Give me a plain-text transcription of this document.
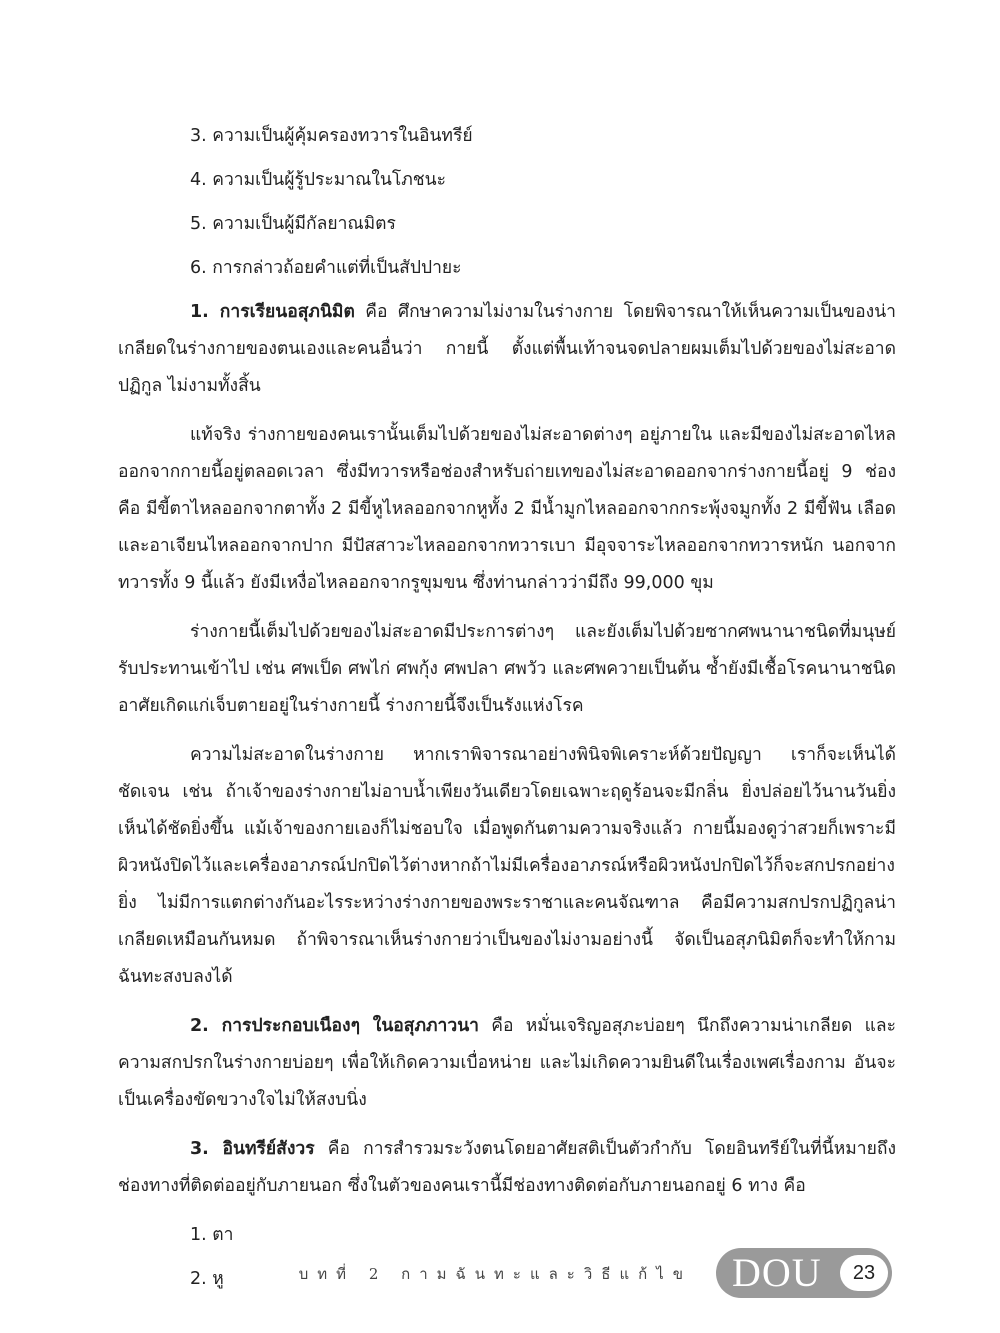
3. ความเป็นผู้คุ้มครองทวารในอินทรีย์
4. ความเป็นผู้รู้ประมาณในโภชนะ
5. ความเป็นผู้มีกัลยาณมิตร
6. การกล่าวถ้อยคำแต่ที่เป็นสัปปายะ

1. การเรียนอสุภนิมิต คือ ศึกษาความไม่งามในร่างกาย โดยพิจารณาให้เห็นความเป็นของน่าเกลียดในร่างกายของตนเองและคนอื่นว่า กายนี้ ตั้งแต่พื้นเท้าจนจดปลายผมเต็มไปด้วยของไม่สะอาด ปฏิกูล ไม่งามทั้งสิ้น

แท้จริง ร่างกายของคนเรานั้นเต็มไปด้วยของไม่สะอาดต่างๆ อยู่ภายใน และมีของไม่สะอาดไหลออกจากกายนี้อยู่ตลอดเวลา ซึ่งมีทวารหรือช่องสำหรับถ่ายเทของไม่สะอาดออกจากร่างกายนี้อยู่ 9 ช่อง คือ มีขี้ตาไหลออกจากตาทั้ง 2 มีขี้หูไหลออกจากหูทั้ง 2 มีน้ำมูกไหลออกจากกระพุ้งจมูกทั้ง 2 มีขี้ฟัน เลือด และอาเจียนไหลออกจากปาก มีปัสสาวะไหลออกจากทวารเบา มีอุจจาระไหลออกจากทวารหนัก นอกจาก ทวารทั้ง 9 นี้แล้ว ยังมีเหงื่อไหลออกจากรูขุมขน ซึ่งท่านกล่าวว่ามีถึง 99,000 ขุม

ร่างกายนี้เต็มไปด้วยของไม่สะอาดมีประการต่างๆ และยังเต็มไปด้วยซากศพนานาชนิดที่มนุษย์รับประทานเข้าไป เช่น ศพเป็ด ศพไก่ ศพกุ้ง ศพปลา ศพวัว และศพควายเป็นต้น ซ้ำยังมีเชื้อโรคนานาชนิดอาศัยเกิดแก่เจ็บตายอยู่ในร่างกายนี้ ร่างกายนี้จึงเป็นรังแห่งโรค

ความไม่สะอาดในร่างกาย หากเราพิจารณาอย่างพินิจพิเคราะห์ด้วยปัญญา เราก็จะเห็นได้ชัดเจน เช่น ถ้าเจ้าของร่างกายไม่อาบน้ำเพียงวันเดียวโดยเฉพาะฤดูร้อนจะมีกลิ่น ยิ่งปล่อยไว้นานวันยิ่งเห็นได้ชัดยิ่งขึ้น แม้เจ้าของกายเองก็ไม่ชอบใจ เมื่อพูดกันตามความจริงแล้ว กายนี้มองดูว่าสวยก็เพราะมีผิวหนังปิดไว้และเครื่องอาภรณ์ปกปิดไว้ต่างหากถ้าไม่มีเครื่องอาภรณ์หรือผิวหนังปกปิดไว้ก็จะสกปรกอย่างยิ่ง ไม่มีการแตกต่างกันอะไรระหว่างร่างกายของพระราชาและคนจัณฑาล คือมีความสกปรกปฏิกูลน่าเกลียดเหมือนกันหมด ถ้าพิจารณาเห็นร่างกายว่าเป็นของไม่งามอย่างนี้ จัดเป็นอสุภนิมิตก็จะทำให้กามฉันทะสงบลงได้

2. การประกอบเนืองๆ ในอสุภภาวนา คือ หมั่นเจริญอสุภะบ่อยๆ นึกถึงความน่าเกลียด และความสกปรกในร่างกายบ่อยๆ เพื่อให้เกิดความเบื่อหน่าย และไม่เกิดความยินดีในเรื่องเพศเรื่องกาม อันจะเป็นเครื่องขัดขวางใจไม่ให้สงบนิ่ง

3. อินทรีย์สังวร คือ การสำรวมระวังตนโดยอาศัยสติเป็นตัวกำกับ โดยอินทรีย์ในที่นี้หมายถึง ช่องทางที่ติดต่ออยู่กับภายนอก ซึ่งในตัวของคนเรานี้มีช่องทางติดต่อกับภายนอกอยู่ 6 ทาง คือ

1. ตา
2. หู	บทที่ 2 กามฉันทะและวิธีแก้ไข DOU	23
